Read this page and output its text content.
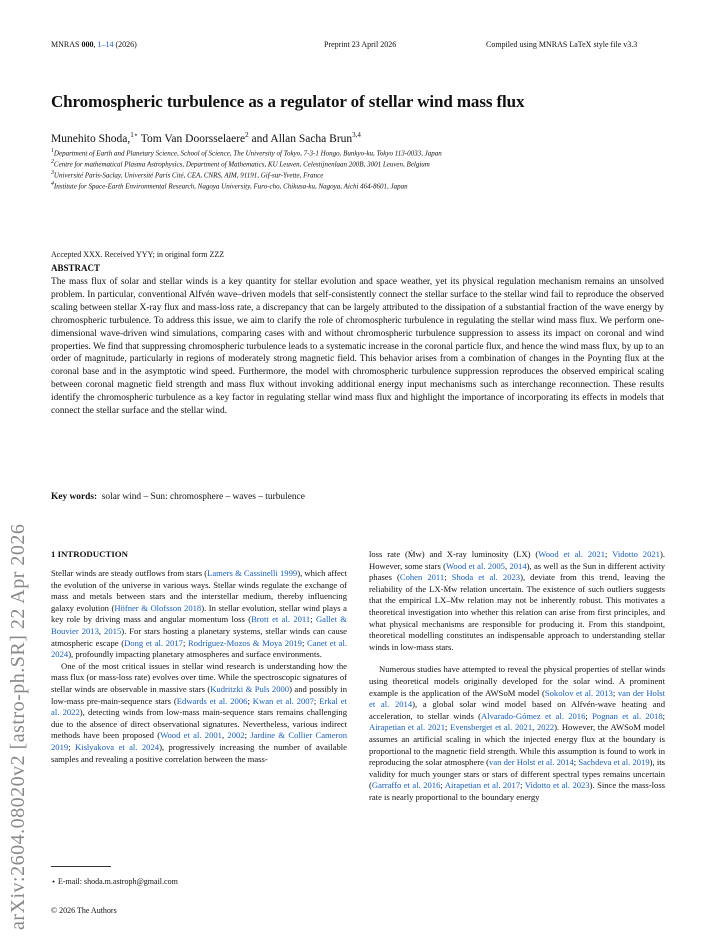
MNRAS 000, 1–14 (2026)	Preprint 23 April 2026	Compiled using MNRAS LaTeX style file v3.3
arXiv:2604.08020v2 [astro-ph.SR] 22 Apr 2026
Chromospheric turbulence as a regulator of stellar wind mass flux
Munehito Shoda,$^{1⋆}$ Tom Van Doorsselaere$^2$ and Allan Sacha Brun$^{3,4}$
$^1$Department of Earth and Planetary Science, School of Science, The University of Tokyo, 7-3-1 Hongo, Bunkyo-ku, Tokyo 113-0033, Japan
$^2$Centre for mathematical Plasma Astrophysics, Department of Mathematics, KU Leuven, Celestijnenlaan 200B, 3001 Leuven, Belgium
$^3$Université Paris-Saclay, Université Paris Cité, CEA, CNRS, AIM, 91191, Gif-sur-Yvette, France
$^4$Institute for Space-Earth Environmental Research, Nagoya University, Furo-cho, Chikusa-ku, Nagoya, Aichi 464-8601, Japan
Accepted XXX. Received YYY; in original form ZZZ
ABSTRACT
The mass flux of solar and stellar winds is a key quantity for stellar evolution and space weather, yet its physical regulation mechanism remains an unsolved problem. In particular, conventional Alfvén wave–driven models that self-consistently connect the stellar surface to the stellar wind fail to reproduce the observed scaling between stellar X-ray flux and mass-loss rate, a discrepancy that can be largely attributed to the dissipation of a substantial fraction of the wave energy by chromospheric turbulence. To address this issue, we aim to clarify the role of chromospheric turbulence in regulating the stellar wind mass flux. We perform one-dimensional wave-driven wind simulations, comparing cases with and without chromospheric turbulence suppression to assess its impact on coronal and wind properties. We find that suppressing chromospheric turbulence leads to a systematic increase in the coronal particle flux, and hence the wind mass flux, by up to an order of magnitude, particularly in regions of moderately strong magnetic field. This behavior arises from a combination of changes in the Poynting flux at the coronal base and in the asymptotic wind speed. Furthermore, the model with chromospheric turbulence suppression reproduces the observed empirical scaling between coronal magnetic field strength and mass flux without invoking additional energy input mechanisms such as interchange reconnection. These results identify the chromospheric turbulence as a key factor in regulating stellar wind mass flux and highlight the importance of incorporating its effects in models that connect the stellar surface and the stellar wind.
Key words: solar wind – Sun: chromosphere – waves – turbulence
1 INTRODUCTION

Stellar winds are steady outflows from stars (Lamers & Cassinelli 1999), which affect the evolution of the universe in various ways. Stellar winds regulate the exchange of mass and metals between stars and the interstellar medium, thereby influencing galaxy evolution (Höfner & Olofsson 2018). In stellar evolution, stellar wind plays a key role by driving mass and angular momentum loss (Brott et al. 2011; Gallet & Bouvier 2013, 2015). For stars hosting a planetary systems, stellar winds can cause atmospheric escape (Dong et al. 2017; Rodríguez-Mozos & Moya 2019; Canet et al. 2024), profoundly impacting planetary atmospheres and surface environments.

One of the most critical issues in stellar wind research is understanding how the mass flux (or mass-loss rate) evolves over time. While the spectroscopic signatures of stellar winds are observable in massive stars (Kudritzki & Puls 2000) and possibly in low-mass pre-main-sequence stars (Edwards et al. 2006; Kwan et al. 2007; Erkal et al. 2022), detecting winds from low-mass main-sequence stars remains challenging due to the absence of direct observational signatures. Nevertheless, various indirect methods have been proposed (Wood et al. 2001, 2002; Jardine & Collier Cameron 2019; Kislyakova et al. 2024), progressively increasing the number of available samples and revealing a positive correlation between the mass-

loss rate (Ṁw) and X-ray luminosity (LX) (Wood et al. 2021; Vidotto 2021). However, some stars (Wood et al. 2005, 2014), as well as the Sun in different activity phases (Cohen 2011; Shoda et al. 2023), deviate from this trend, leaving the reliability of the LX-Ṁw relation uncertain. The existence of such outliers suggests that the empirical LX–Ṁw relation may not be inherently robust. This motivates a theoretical investigation into whether this relation can arise from first principles, and what physical mechanisms are responsible for producing it. From this standpoint, theoretical modelling constitutes an indispensable approach to understanding stellar winds in low-mass stars.

Numerous studies have attempted to reveal the physical properties of stellar winds using theoretical models originally developed for the solar wind. A prominent example is the application of the AWSoM model (Sokolov et al. 2013; van der Holst et al. 2014), a global solar wind model based on Alfvén-wave heating and acceleration, to stellar winds (Alvarado-Gómez et al. 2016; Pognan et al. 2018; Airapetian et al. 2021; Evensberget et al. 2021, 2022). However, the AWSoM model assumes an artificial scaling in which the injected energy flux at the boundary is proportional to the magnetic field strength. While this assumption is found to work in reproducing the solar atmosphere (van der Holst et al. 2014; Sachdeva et al. 2019), its validity for much younger stars or stars of different spectral types remains uncertain (Garraffo et al. 2016; Airapetian et al. 2017; Vidotto et al. 2023). Since the mass-loss rate is nearly proportional to the boundary energy

⋆ E-mail: shoda.m.astroph@gmail.com
© 2026 The Authors
